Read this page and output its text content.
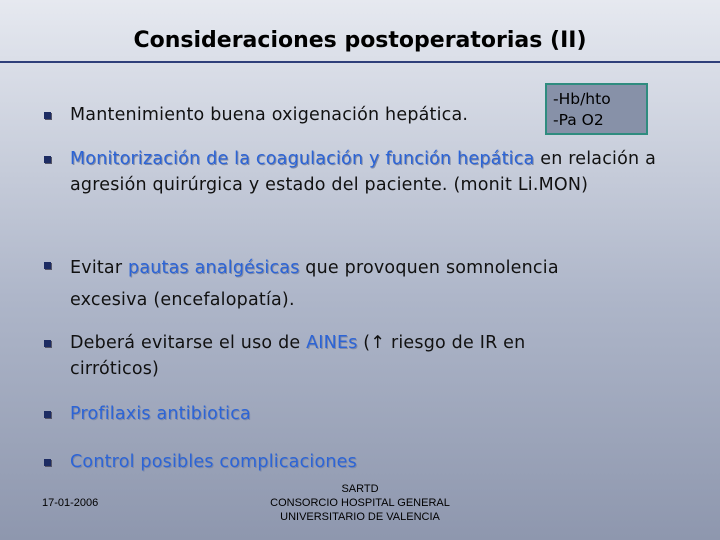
Consideraciones postoperatorias (II)
Mantenimiento buena oxigenación hepática.
-Hb/hto
-Pa O2
Monitorización de la coagulación y función hepática en relación a agresión quirúrgica y estado del paciente. (monit Li.MON)
Evitar pautas analgésicas que provoquen somnolencia excesiva (encefalopatía).
Deberá evitarse el uso de AINEs (↑ riesgo de IR en cirróticos)
Profilaxis antibiotica
Control posibles complicaciones
17-01-2006
SARTD
CONSORCIO HOSPITAL GENERAL
UNIVERSITARIO DE VALENCIA
